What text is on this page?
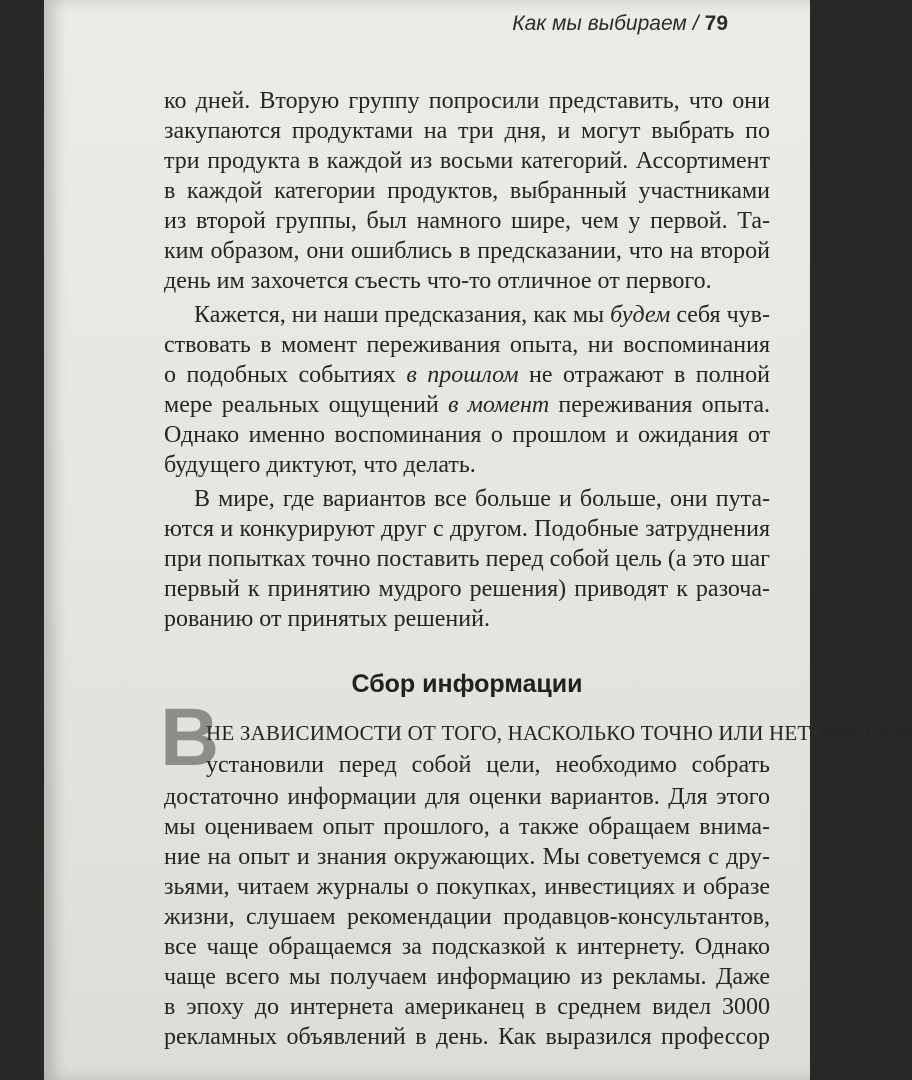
Как мы выбираем / 79
ко дней. Вторую группу попросили представить, что они
закупаются продуктами на три дня, и могут выбрать по
три продукта в каждой из восьми категорий. Ассортимент
в каждой категории продуктов, выбранный участниками
из второй группы, был намного шире, чем у первой. Та-
ким образом, они ошиблись в предсказании, что на второй
день им захочется съесть что-то отличное от первого.
Кажется, ни наши предсказания, как мы будем себя чув-
ствовать в момент переживания опыта, ни воспоминания
о подобных событиях в прошлом не отражают в полной
мере реальных ощущений в момент переживания опыта.
Однако именно воспоминания о прошлом и ожидания от
будущего диктуют, что делать.
В мире, где вариантов все больше и больше, они пута-
ются и конкурируют друг с другом. Подобные затруднения
при попытках точно поставить перед собой цель (а это шаг
первый к принятию мудрого решения) приводят к разоча-
рованию от принятых решений.
Сбор информации
В
НЕ ЗАВИСИМОСТИ ОТ ТОГО, НАСКОЛЬКО ТОЧНО ИЛИ НЕТОЧНО МЫ
установили перед собой цели, необходимо собрать
достаточно информации для оценки вариантов. Для этого
мы оцениваем опыт прошлого, а также обращаем внима-
ние на опыт и знания окружающих. Мы советуемся с дру-
зьями, читаем журналы о покупках, инвестициях и образе
жизни, слушаем рекомендации продавцов-консультантов,
все чаще обращаемся за подсказкой к интернету. Однако
чаще всего мы получаем информацию из рекламы. Даже
в эпоху до интернета американец в среднем видел 3000
рекламных объявлений в день. Как выразился профессор
